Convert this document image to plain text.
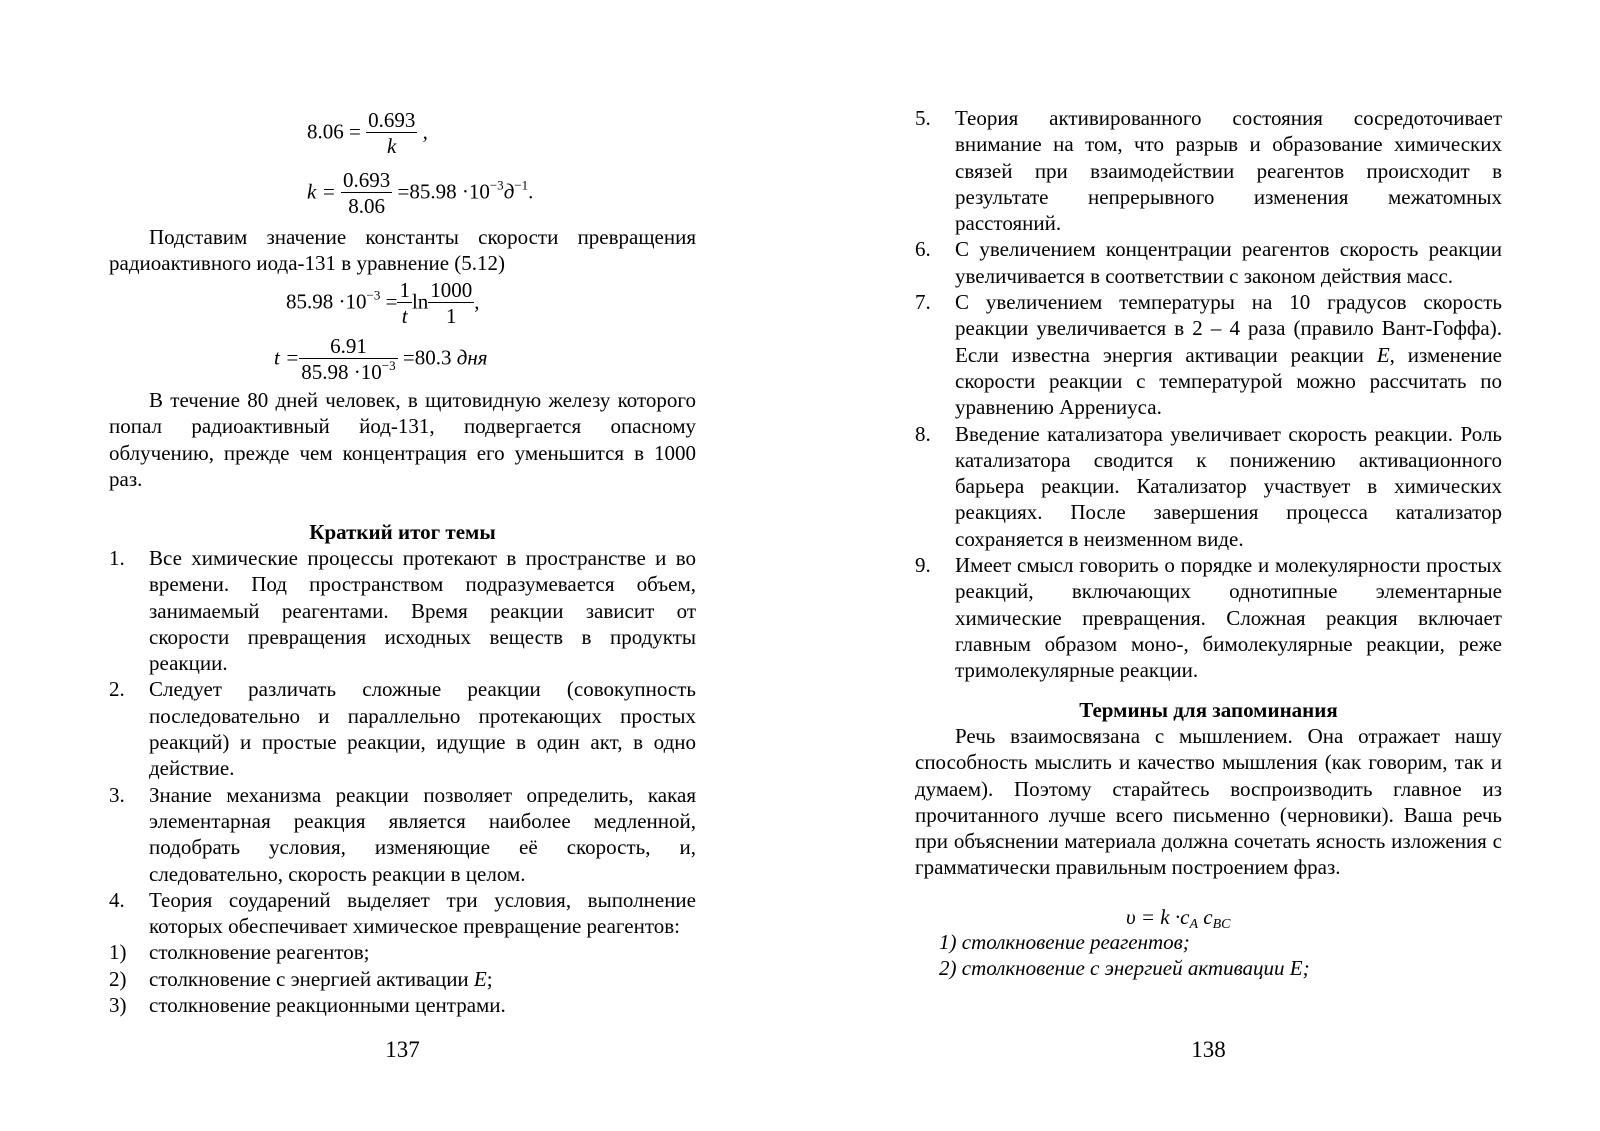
$8.06 = \frac{0.693}{k}$ ,
$k = \frac{0.693}{8.06} =85.98 \cdot 10^{-3}д^{-1}$.
Подставим значение константы скорости превращения радиоактивного иода-131 в уравнение (5.12)
$85.98 \cdot 10^{-3} = \frac{1}{t}$ $\ln \frac{1000}{1}$ ,
$t = \frac{6.91}{85.98 \cdot 10^{-3}} =80.3$ дня
В течение 80 дней человек, в щитовидную железу которого попал радиоактивный йод-131, подвергается опасному облучению, прежде чем концентрация его уменьшится в 1000 раз.
Краткий итог темы
1.	Все химические процессы протекают в пространстве и во времени. Под пространством подразумевается объем, занимаемый реагентами. Время реакции зависит от скорости превращения исходных веществ в продукты реакции.
2.	Следует различать сложные реакции (совокупность последовательно и параллельно протекающих простых реакций) и простые реакции, идущие в один акт, в одно действие.
3.	Знание механизма реакции позволяет определить, какая элементарная реакция является наиболее медленной, подобрать условия, изменяющие её скорость, и, следовательно, скорость реакции в целом.
4.	Теория соударений выделяет три условия, выполнение которых обеспечивает химическое превращение реагентов:
1)	столкновение реагентов;
2)	столкновение с энергией активации E;
3)	столкновение реакционными центрами.
137
5.	Теория активированного состояния сосредоточивает внимание на том, что разрыв и образование химических связей при взаимодействии реагентов происходит в результате непрерывного изменения межатомных расстояний.
6.	С увеличением концентрации реагентов скорость реакции увеличивается в соответствии с законом действия масс.
7.	С увеличением температуры на 10 градусов скорость реакции увеличивается в 2 – 4 раза (правило Вант-Гоффа). Если известна энергия активации реакции E, изменение скорости реакции с температурой можно рассчитать по уравнению Аррениуса.
8.	Введение катализатора увеличивает скорость реакции. Роль катализатора сводится к понижению активационного барьера реакции. Катализатор участвует в химических реакциях. После завершения процесса катализатор сохраняется в неизменном виде.
9.	Имеет смысл говорить о порядке и молекулярности простых реакций, включающих однотипные элементарные химические превращения. Сложная реакция включает главным образом моно-, бимолекулярные реакции, реже тримолекулярные реакции.
Термины для запоминания
Речь взаимосвязана с мышлением. Она отражает нашу способность мыслить и качество мышления (как говорим, так и думаем). Поэтому старайтесь воспроизводить главное из прочитанного лучше всего письменно (черновики). Ваша речь при объяснении материала должна сочетать ясность изложения с грамматически правильным построением фраз.
$\upsilon = k \cdot c_A$ $c_{BC}$
1) столкновение реагентов;
2) столкновение с энергией активации E;
138
